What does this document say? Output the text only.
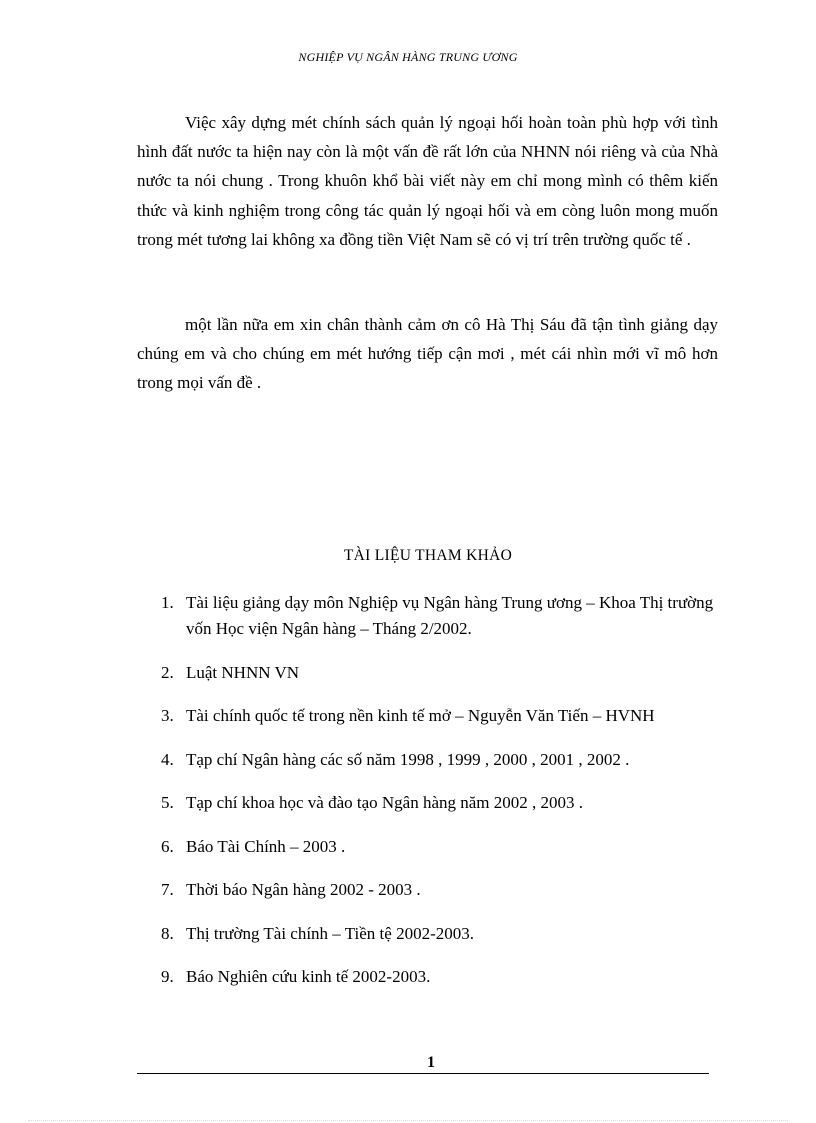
NGHIỆP VỤ NGÂN HÀNG TRUNG ƯƠNG

Việc xây dựng mét chính sách quản lý ngoại hối hoàn toàn phù hợp với tình hình đất nước ta hiện nay còn là một vấn đề rất lớn của NHNN nói riêng và của Nhà nước ta nói chung . Trong khuôn khổ bài viết này em chỉ mong mình có thêm kiến thức và kinh nghiệm trong công tác quản lý ngoại hối và em còng luôn mong muốn trong mét tương lai không xa đồng tiền Việt Nam sẽ có vị trí trên trường quốc tế .

một lần nữa em xin chân thành cảm ơn cô Hà Thị Sáu đã tận tình giảng dạy chúng em và cho chúng em mét hướng tiếp cận mơi , mét cái nhìn mới vĩ mô hơn trong mọi vấn đề .

TÀI LIỆU THAM KHẢO
1. Tài liệu giảng dạy môn Nghiệp vụ Ngân hàng Trung ương – Khoa Thị trường vốn Học viện Ngân hàng – Tháng 2/2002.
2. Luật NHNN VN
3. Tài chính quốc tế trong nền kinh tế mở – Nguyễn Văn Tiến – HVNH
4. Tạp chí Ngân hàng các số năm 1998 , 1999 , 2000 , 2001 , 2002 .
5. Tạp chí khoa học và đào tạo Ngân hàng năm 2002 , 2003 .
6. Báo Tài Chính – 2003 .
7. Thời báo Ngân hàng 2002 - 2003 .
8. Thị trường Tài chính – Tiền tệ 2002-2003.
9. Báo Nghiên cứu kinh tế 2002-2003.
1
